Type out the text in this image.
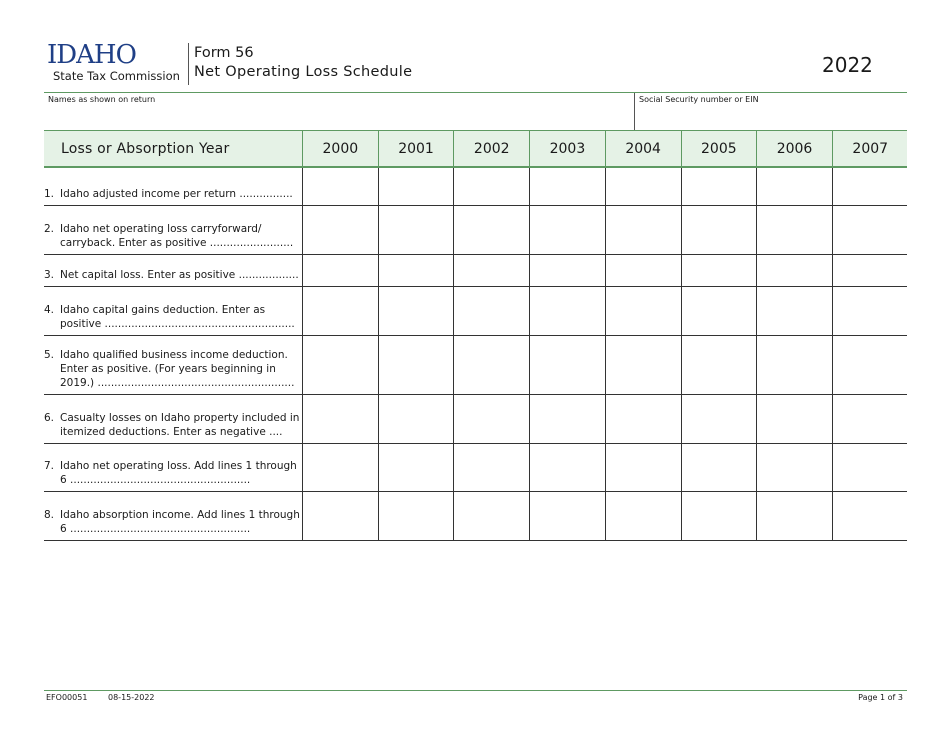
IDAHO
State Tax Commission
Form 56
Net Operating Loss Schedule	2022
Names as shown on return	Social Security number or EIN
Loss or Absorption Year	2000	2001	2002	2003	2004	2005	2006	2007
1. Idaho adjusted income per return ................
2. Idaho net operating loss carryforward/ carryback. Enter as positive .........................
3. Net capital loss. Enter as positive ..................
4. Idaho capital gains deduction. Enter as positive .........................................................
5. Idaho qualified business income deduction. Enter as positive. (For years beginning in 2019.) ...........................................................
6. Casualty losses on Idaho property included in itemized deductions. Enter as negative ....
7. Idaho net operating loss. Add lines 1 through 6 ......................................................
8. Idaho absorption income. Add lines 1 through 6 ......................................................
EFO00051	08-15-2022	Page 1 of 3
